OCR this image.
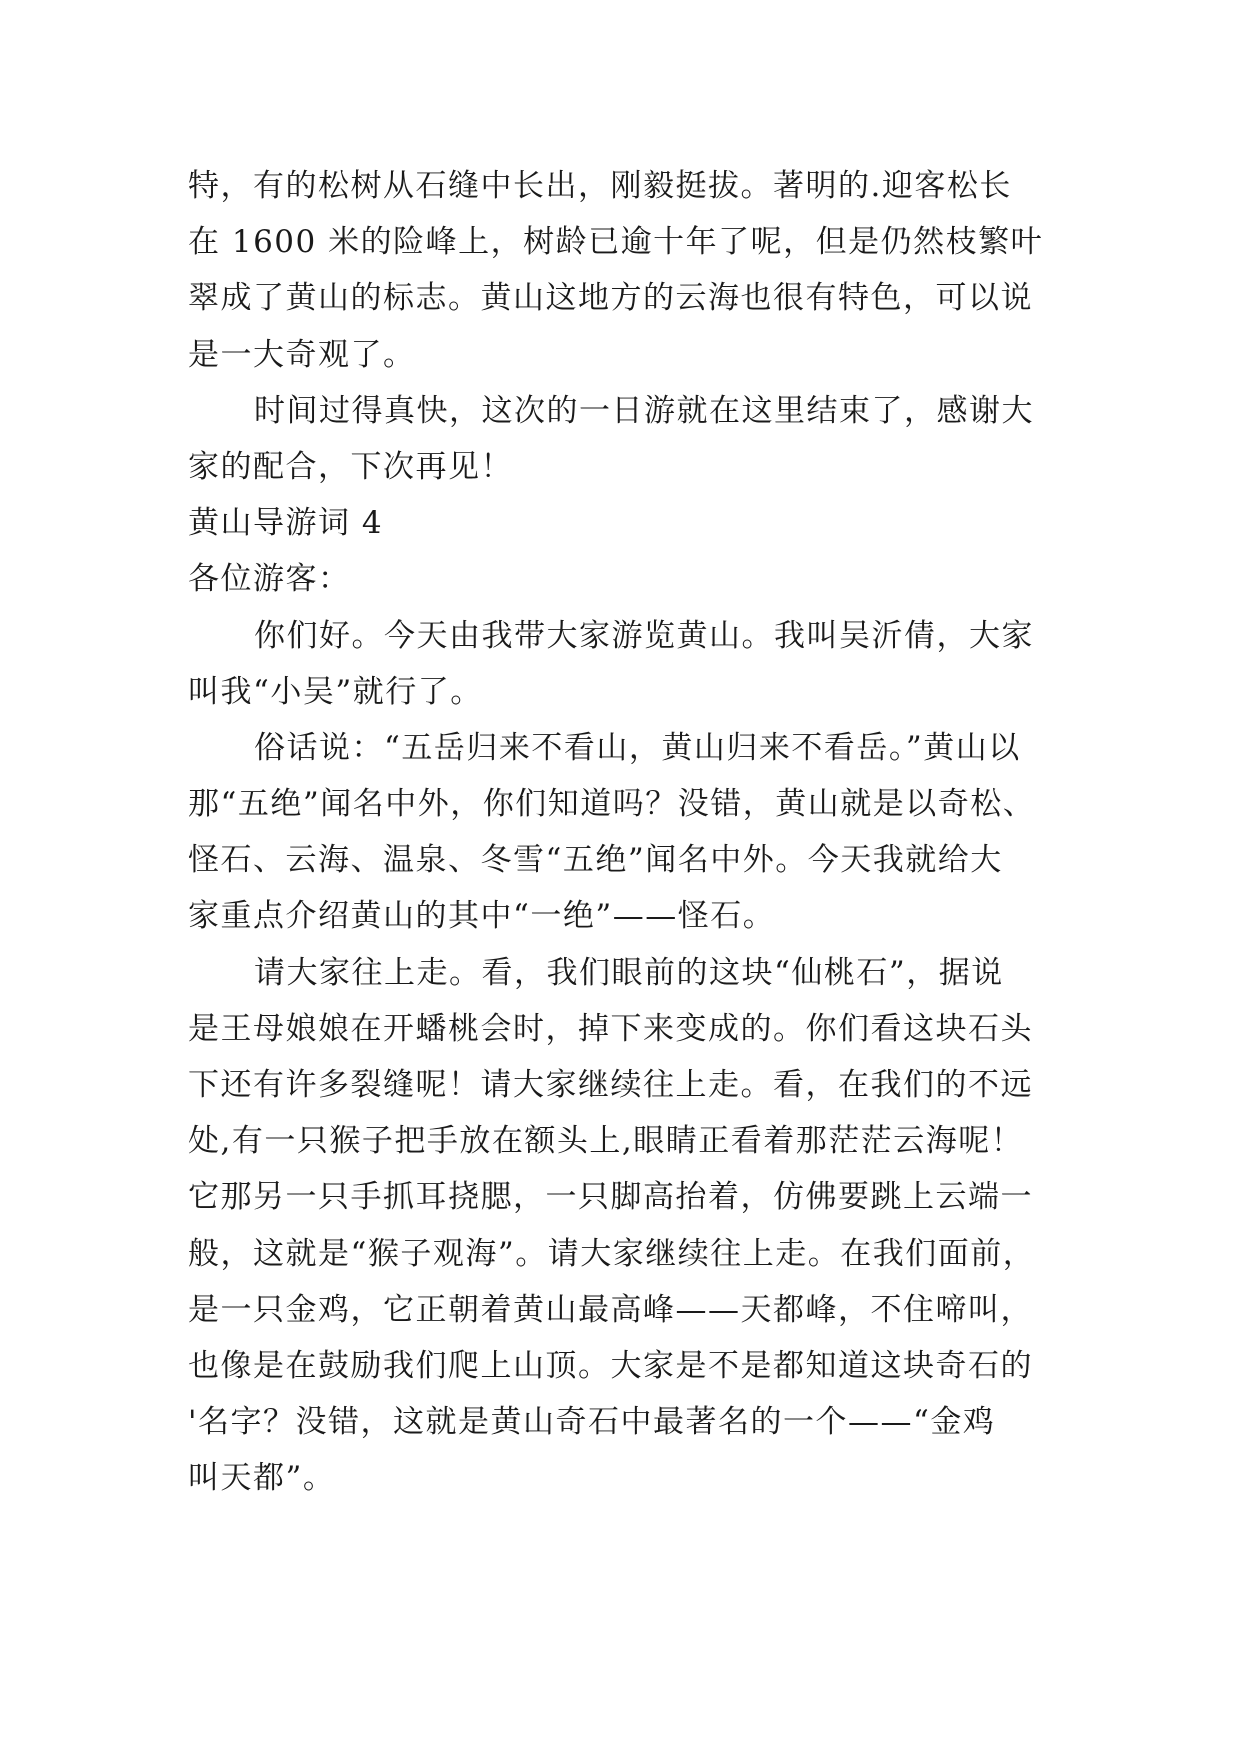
特，有的松树从石缝中长出，刚毅挺拔。著明的.迎客松长
在 1600 米的险峰上，树龄已逾十年了呢，但是仍然枝繁叶
翠成了黄山的标志。黄山这地方的云海也很有特色，可以说
是一大奇观了。
时间过得真快，这次的一日游就在这里结束了，感谢大
家的配合，下次再见！
黄山导游词 4
各位游客：
你们好。今天由我带大家游览黄山。我叫吴沂倩，大家
叫我“小吴”就行了。
俗话说：“五岳归来不看山，黄山归来不看岳。”黄山以
那“五绝”闻名中外，你们知道吗？没错，黄山就是以奇松、
怪石、云海、温泉、冬雪“五绝”闻名中外。今天我就给大
家重点介绍黄山的其中“一绝”——怪石。
请大家往上走。看，我们眼前的这块“仙桃石”，据说
是王母娘娘在开蟠桃会时，掉下来变成的。你们看这块石头
下还有许多裂缝呢！请大家继续往上走。看，在我们的不远
处,有一只猴子把手放在额头上,眼睛正看着那茫茫云海呢！
它那另一只手抓耳挠腮，一只脚高抬着，仿佛要跳上云端一
般，这就是“猴子观海”。请大家继续往上走。在我们面前，
是一只金鸡，它正朝着黄山最高峰——天都峰，不住啼叫，
也像是在鼓励我们爬上山顶。大家是不是都知道这块奇石的
'名字？没错，这就是黄山奇石中最著名的一个——“金鸡
叫天都”。
